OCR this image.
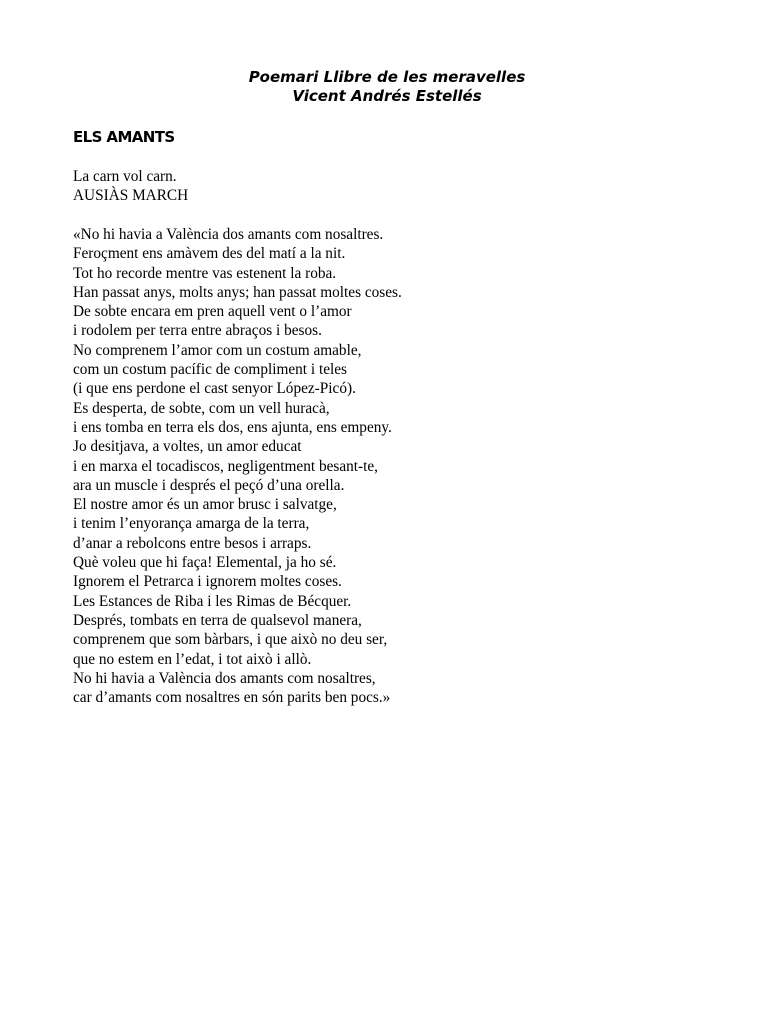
Poemari Llibre de les meravelles
Vicent Andrés Estellés
ELS AMANTS
La carn vol carn.
AUSIÀS MARCH
«No hi havia a València dos amants com nosaltres.
Feroçment ens amàvem des del matí a la nit.
Tot ho recorde mentre vas estenent la roba.
Han passat anys, molts anys; han passat moltes coses.
De sobte encara em pren aquell vent o l’amor
i rodolem per terra entre abraços i besos.
No comprenem l’amor com un costum amable,
com un costum pacífic de compliment i teles
(i que ens perdone el cast senyor López-Picó).
Es desperta, de sobte, com un vell huracà,
i ens tomba en terra els dos, ens ajunta, ens empeny.
Jo desitjava, a voltes, un amor educat
i en marxa el tocadiscos, negligentment besant-te,
ara un muscle i després el peçó d’una orella.
El nostre amor és un amor brusc i salvatge,
i tenim l’enyorança amarga de la terra,
d’anar a rebolcons entre besos i arraps.
Què voleu que hi faça! Elemental, ja ho sé.
Ignorem el Petrarca i ignorem moltes coses.
Les Estances de Riba i les Rimas de Bécquer.
Després, tombats en terra de qualsevol manera,
comprenem que som bàrbars, i que això no deu ser,
que no estem en l’edat, i tot això i allò.
No hi havia a València dos amants com nosaltres,
car d’amants com nosaltres en són parits ben pocs.»
